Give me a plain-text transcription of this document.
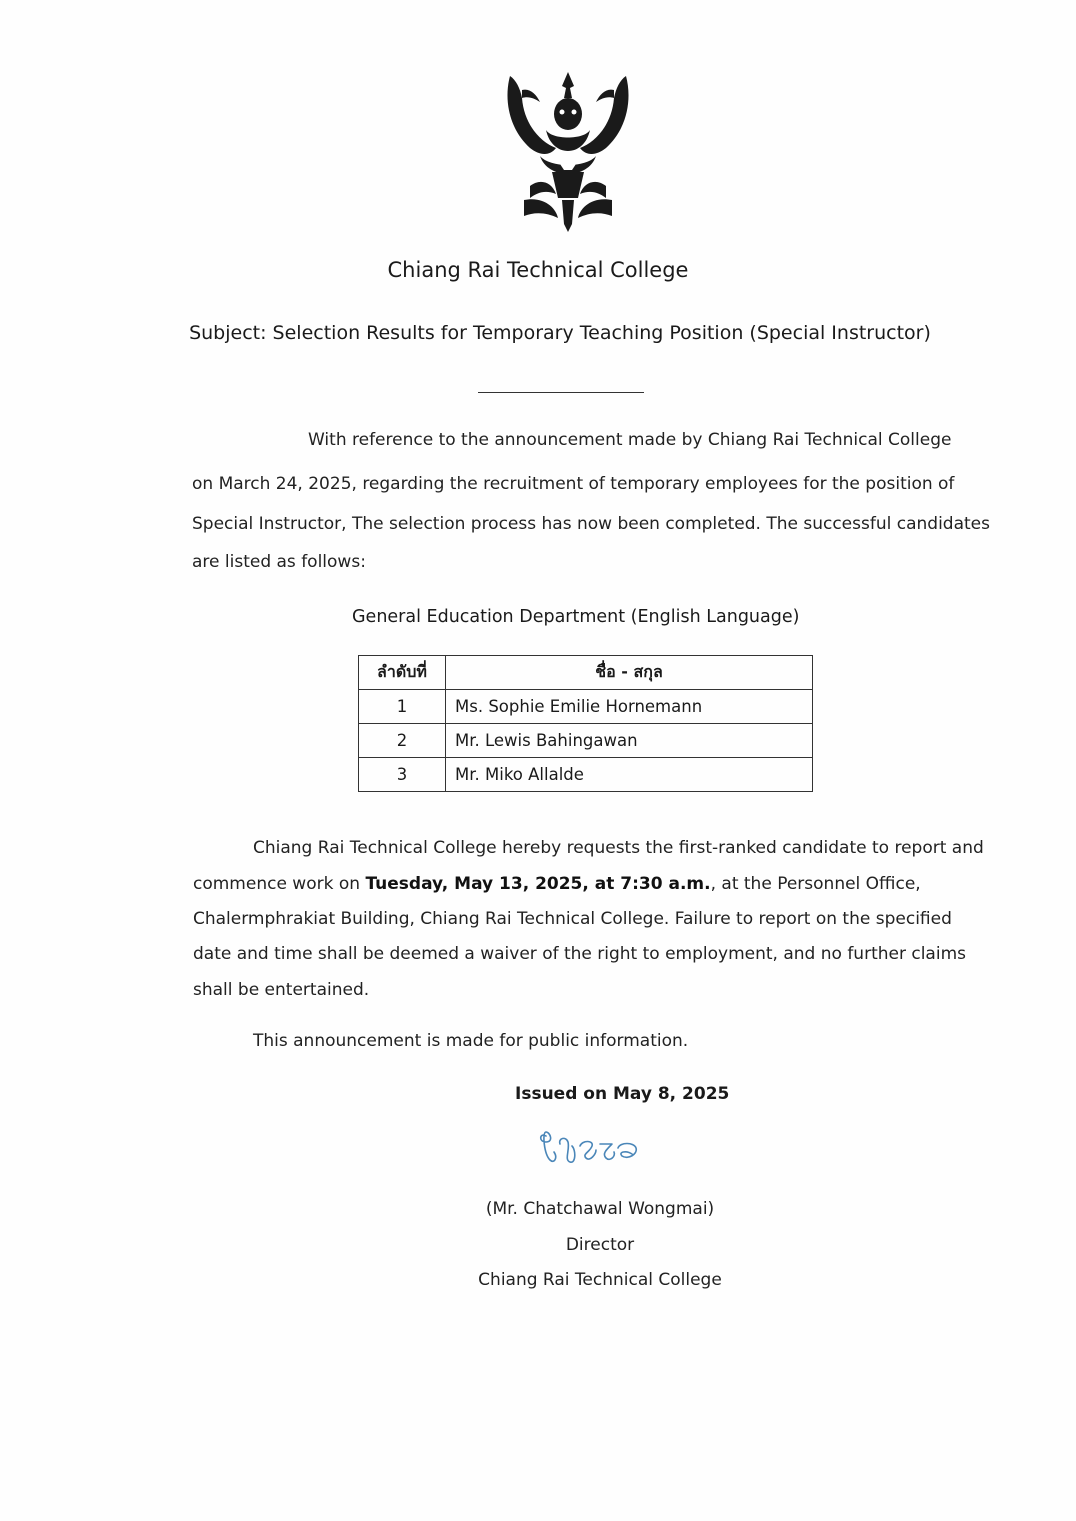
Chiang Rai Technical College
Subject: Selection Results for Temporary Teaching Position (Special Instructor)
With reference to the announcement made by Chiang Rai Technical College
on March 24, 2025, regarding the recruitment of temporary employees for the position of
Special Instructor, The selection process has now been completed. The successful candidates
are listed as follows:
General Education Department (English Language)
ลำดับที่	ชื่อ - สกุล
1	Ms. Sophie Emilie Hornemann
2	Mr. Lewis Bahingawan
3	Mr. Miko Allalde
Chiang Rai Technical College hereby requests the first-ranked candidate to report and
commence work on Tuesday, May 13, 2025, at 7:30 a.m., at the Personnel Office,
Chalermphrakiat Building, Chiang Rai Technical College. Failure to report on the specified
date and time shall be deemed a waiver of the right to employment, and no further claims
shall be entertained.
This announcement is made for public information.
Issued on May 8, 2025
(Mr. Chatchawal Wongmai)
Director
Chiang Rai Technical College
